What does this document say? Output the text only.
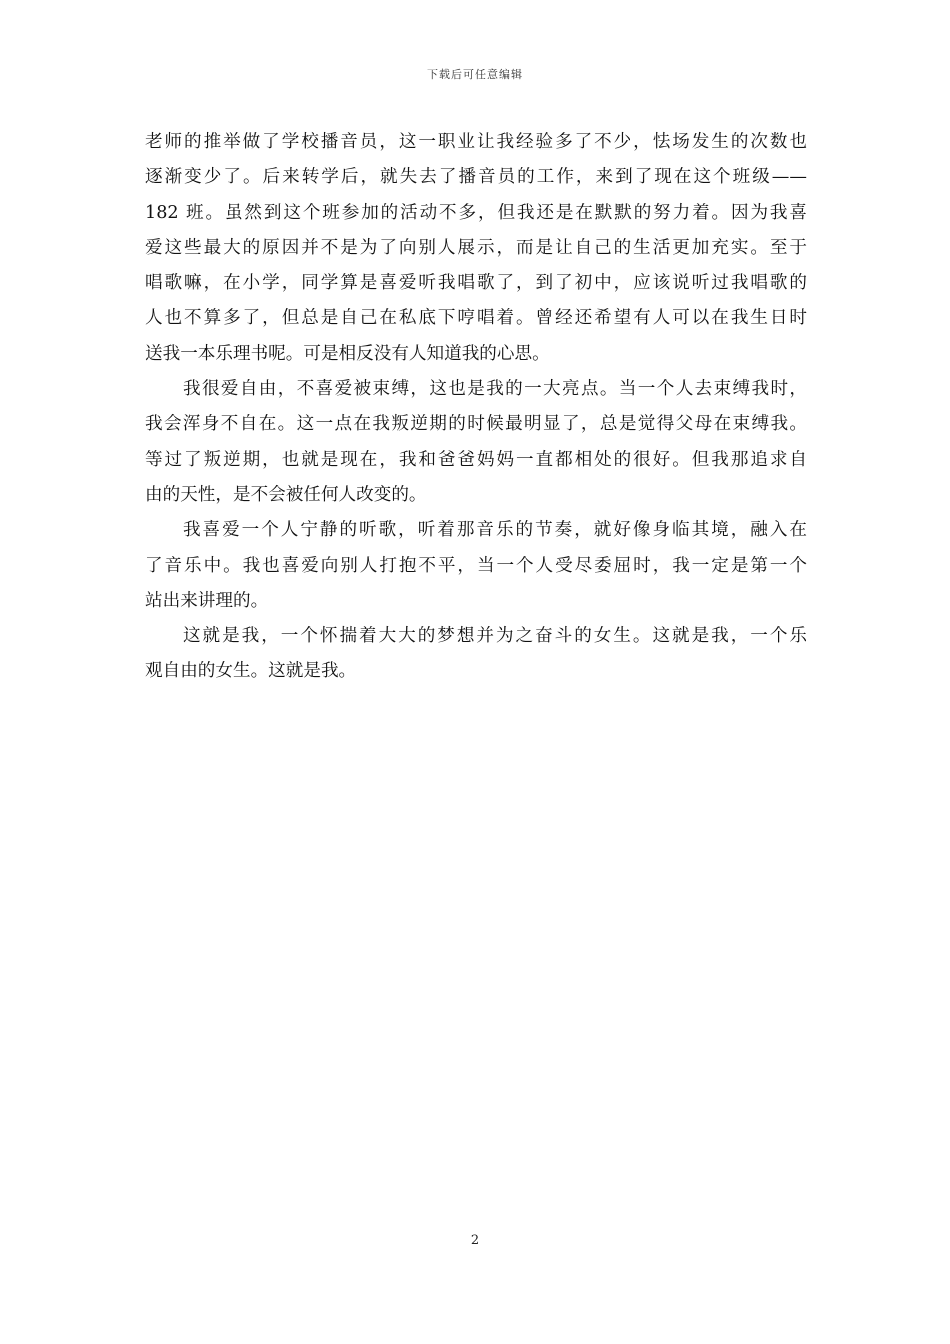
下载后可任意编辑
老师的推举做了学校播音员，这一职业让我经验多了不少，怯场发生的次数也
逐渐变少了。后来转学后，就失去了播音员的工作，来到了现在这个班级——
182 班。虽然到这个班参加的活动不多，但我还是在默默的努力着。因为我喜
爱这些最大的原因并不是为了向别人展示，而是让自己的生活更加充实。至于
唱歌嘛，在小学，同学算是喜爱听我唱歌了，到了初中，应该说听过我唱歌的
人也不算多了，但总是自己在私底下哼唱着。曾经还希望有人可以在我生日时
送我一本乐理书呢。可是相反没有人知道我的心思。
我很爱自由，不喜爱被束缚，这也是我的一大亮点。当一个人去束缚我时，
我会浑身不自在。这一点在我叛逆期的时候最明显了，总是觉得父母在束缚我。
等过了叛逆期，也就是现在，我和爸爸妈妈一直都相处的很好。但我那追求自
由的天性，是不会被任何人改变的。
我喜爱一个人宁静的听歌，听着那音乐的节奏，就好像身临其境，融入在
了音乐中。我也喜爱向别人打抱不平，当一个人受尽委屈时，我一定是第一个
站出来讲理的。
这就是我，一个怀揣着大大的梦想并为之奋斗的女生。这就是我，一个乐
观自由的女生。这就是我。
2
